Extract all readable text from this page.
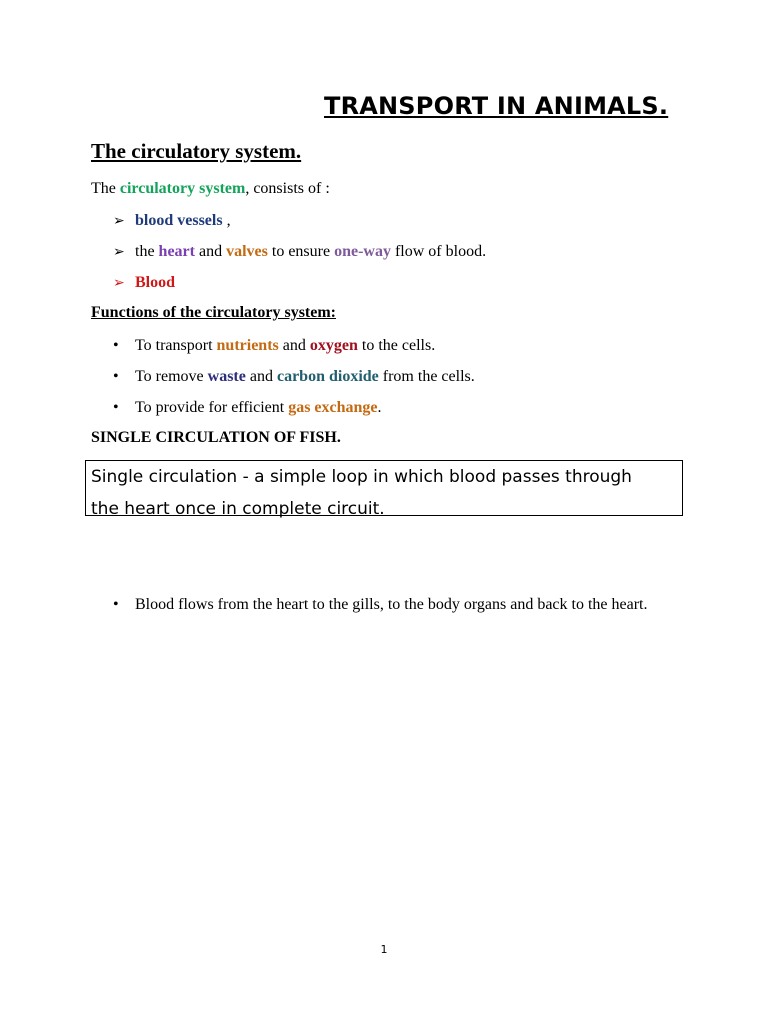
TRANSPORT IN ANIMALS.
The circulatory system.
The circulatory system, consists of :
➢ blood vessels ,
➢ the heart and valves to ensure one-way flow of blood.
➢ Blood
Functions of the circulatory system:
• To transport nutrients and oxygen to the cells.
• To remove waste and carbon dioxide from the cells.
• To provide for efficient gas exchange.
SINGLE CIRCULATION OF FISH.
Single circulation - a simple loop in which blood passes through
the heart once in complete circuit.
•	Blood flows from the heart to the gills, to the body organs and back to the heart.
1
